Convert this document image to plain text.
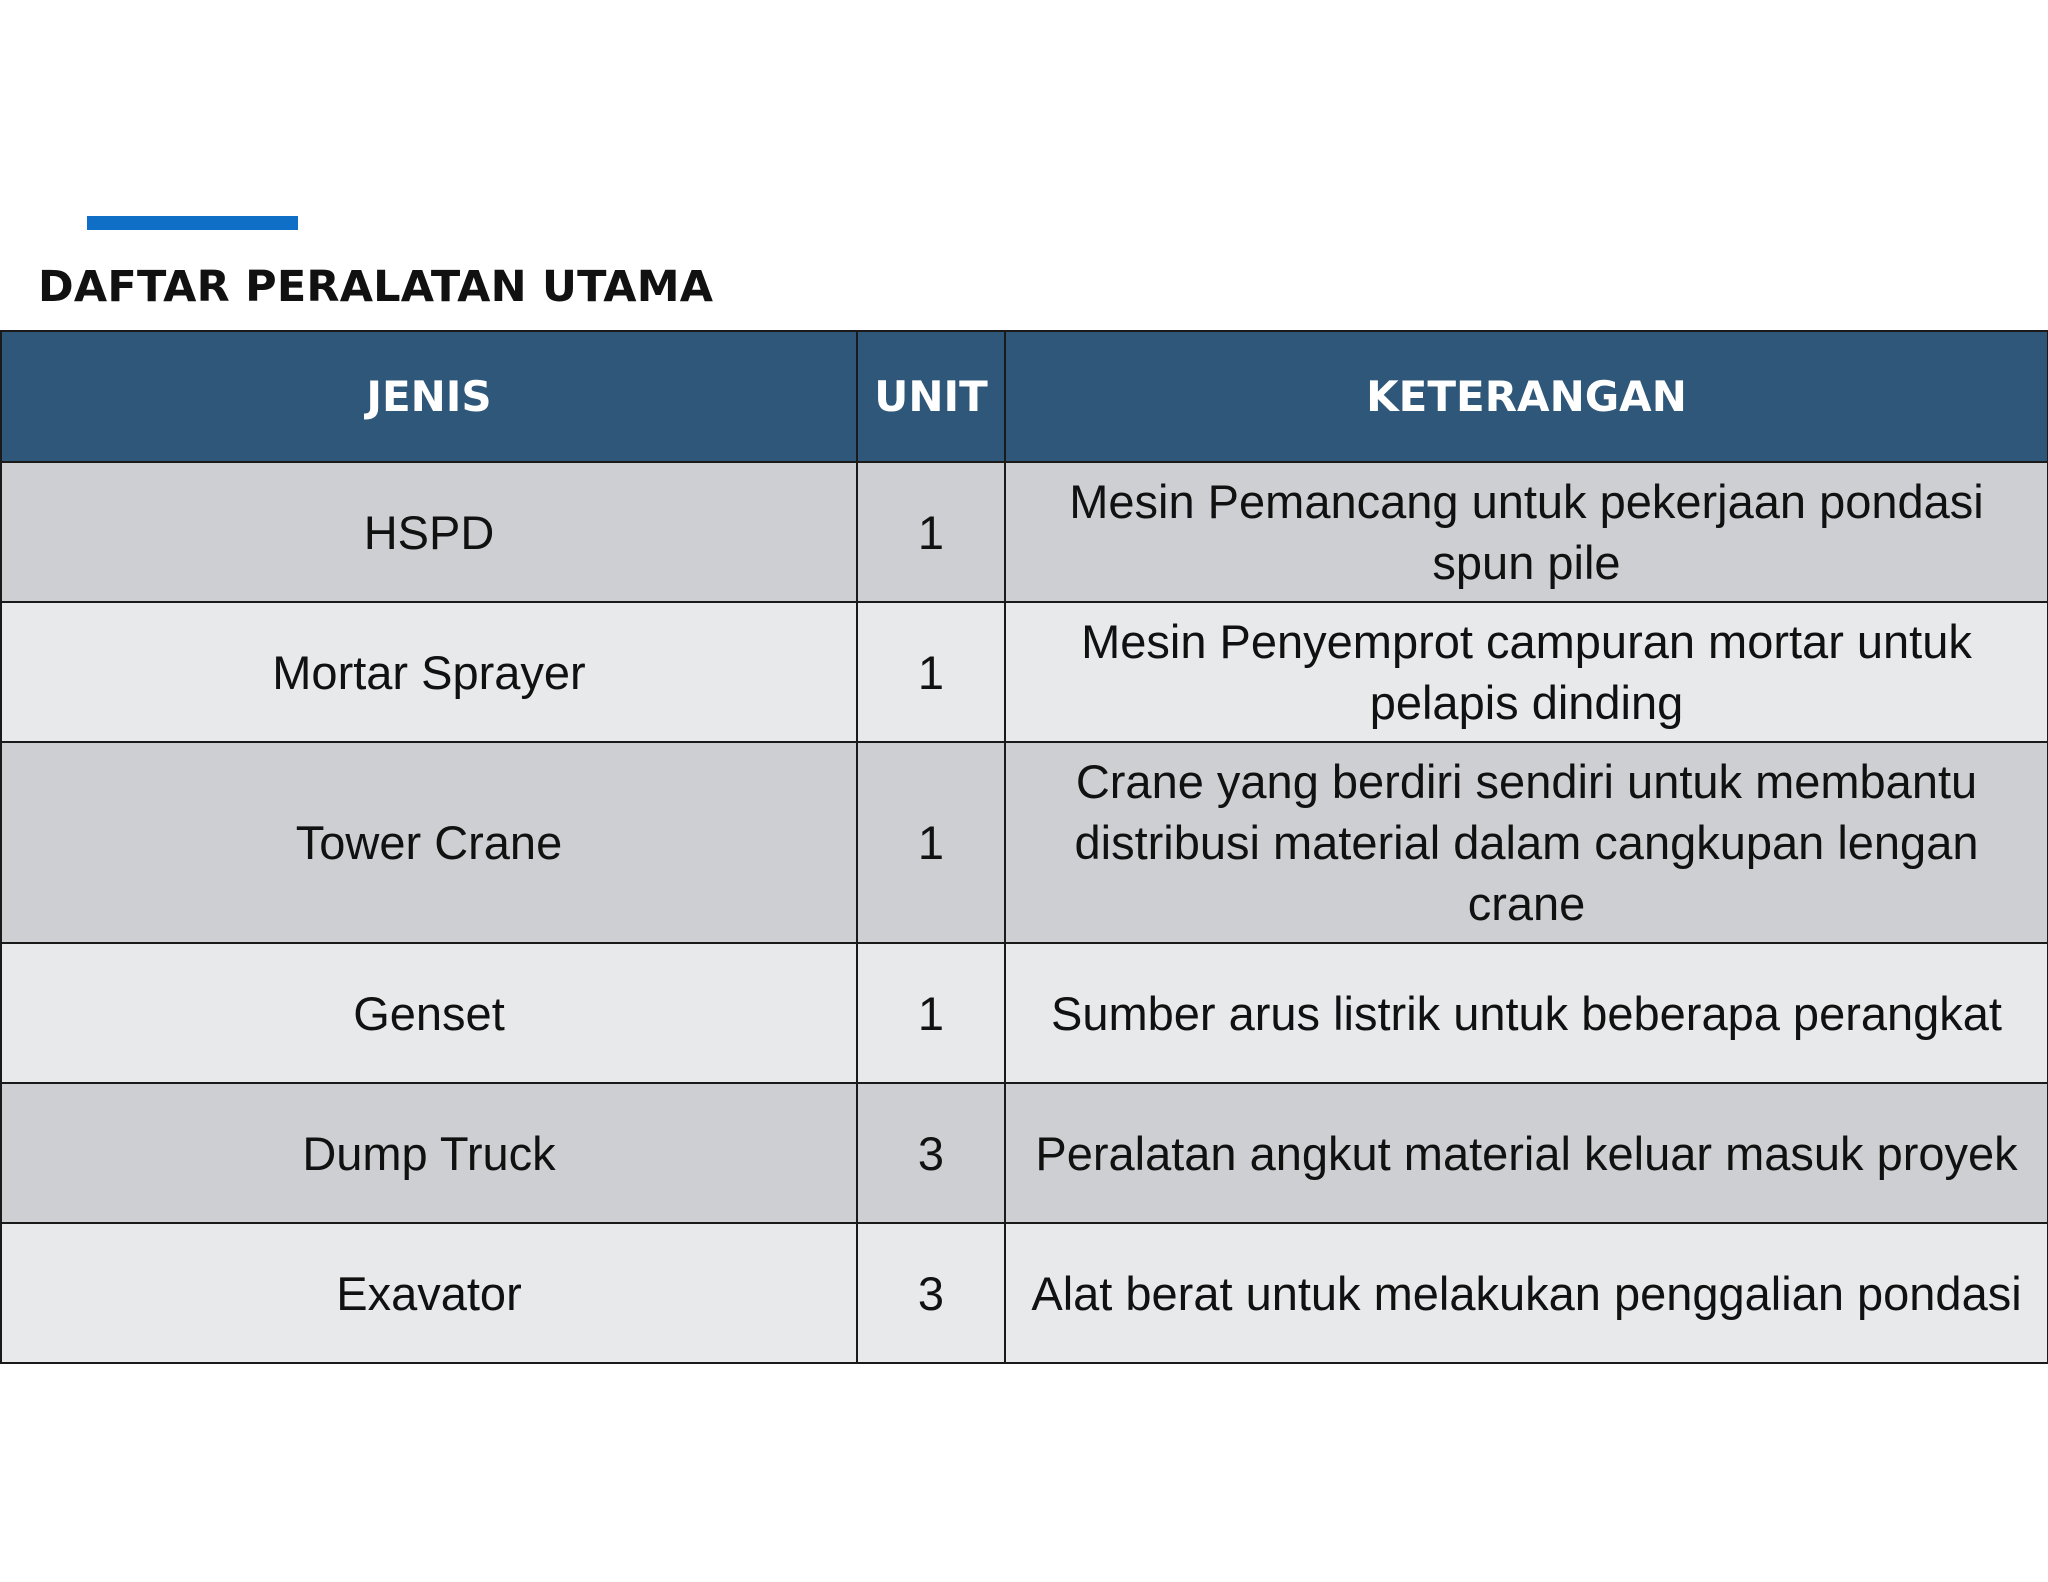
DAFTAR PERALATAN UTAMA
JENIS	UNIT	KETERANGAN
HSPD	1	Mesin Pemancang untuk pekerjaan pondasi spun pile
Mortar Sprayer	1	Mesin Penyemprot campuran mortar untuk pelapis dinding
Tower Crane	1	Crane yang berdiri sendiri untuk membantu distribusi material dalam cangkupan lengan crane
Genset	1	Sumber arus listrik untuk beberapa perangkat
Dump Truck	3	Peralatan angkut material keluar masuk proyek
Exavator	3	Alat berat untuk melakukan penggalian pondasi
